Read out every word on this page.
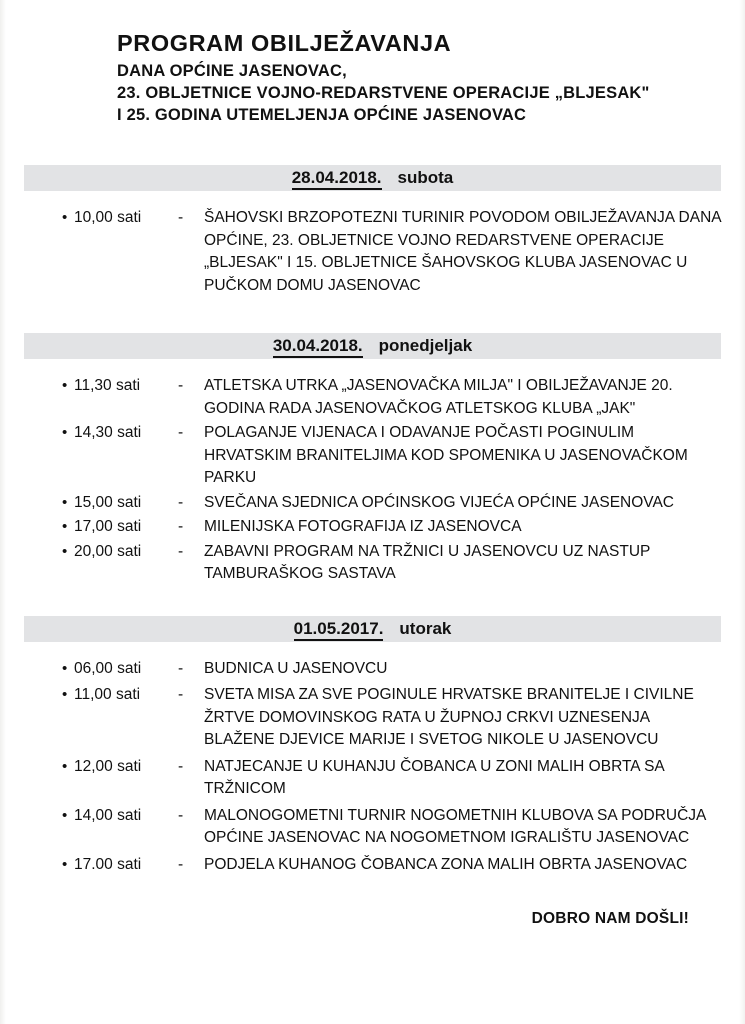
PROGRAM OBILJEŽAVANJA
DANA OPĆINE JASENOVAC,
23. OBLJETNICE VOJNO-REDARSTVENE OPERACIJE „BLJESAK"
I 25. GODINA UTEMELJENJA OPĆINE JASENOVAC
28.04.2018. subota
• 10,00 sati	-	ŠAHOVSKI BRZOPOTEZNI TURINIR POVODOM OBILJEŽAVANJA DANA OPĆINE, 23. OBLJETNICE VOJNO REDARSTVENE OPERACIJE „BLJESAK" I 15. OBLJETNICE ŠAHOVSKOG KLUBA JASENOVAC U PUČKOM DOMU JASENOVAC
30.04.2018. ponedjeljak
• 11,30 sati	-	ATLETSKA UTRKA „JASENOVAČKA MILJA" I OBILJEŽAVANJE 20. GODINA RADA JASENOVAČKOG ATLETSKOG KLUBA „JAK"
• 14,30 sati	-	POLAGANJE VIJENACA I ODAVANJE POČASTI POGINULIM HRVATSKIM BRANITELJIMA KOD SPOMENIKA U JASENOVAČKOM PARKU
• 15,00 sati	-	SVEČANA SJEDNICA OPĆINSKOG VIJEĆA OPĆINE JASENOVAC
• 17,00 sati	-	MILENIJSKA FOTOGRAFIJA IZ JASENOVCA
• 20,00 sati	-	ZABAVNI PROGRAM NA TRŽNICI U JASENOVCU UZ NASTUP TAMBURAŠKOG SASTAVA
01.05.2017. utorak
• 06,00 sati	-	BUDNICA U JASENOVCU
• 11,00 sati	-	SVETA MISA ZA SVE POGINULE HRVATSKE BRANITELJE I CIVILNE ŽRTVE DOMOVINSKOG RATA U ŽUPNOJ CRKVI UZNESENJA BLAŽENE DJEVICE MARIJE I SVETOG NIKOLE U JASENOVCU
• 12,00 sati	-	NATJECANJE U KUHANJU ČOBANCA U ZONI MALIH OBRTA SA TRŽNICOM
• 14,00 sati	-	MALONOGOMETNI TURNIR NOGOMETNIH KLUBOVA SA PODRUČJA OPĆINE JASENOVAC NA NOGOMETNOM IGRALIŠTU JASENOVAC
• 17.00 sati	-	PODJELA KUHANOG ČOBANCA ZONA MALIH OBRTA JASENOVAC
DOBRO NAM DOŠLI!
